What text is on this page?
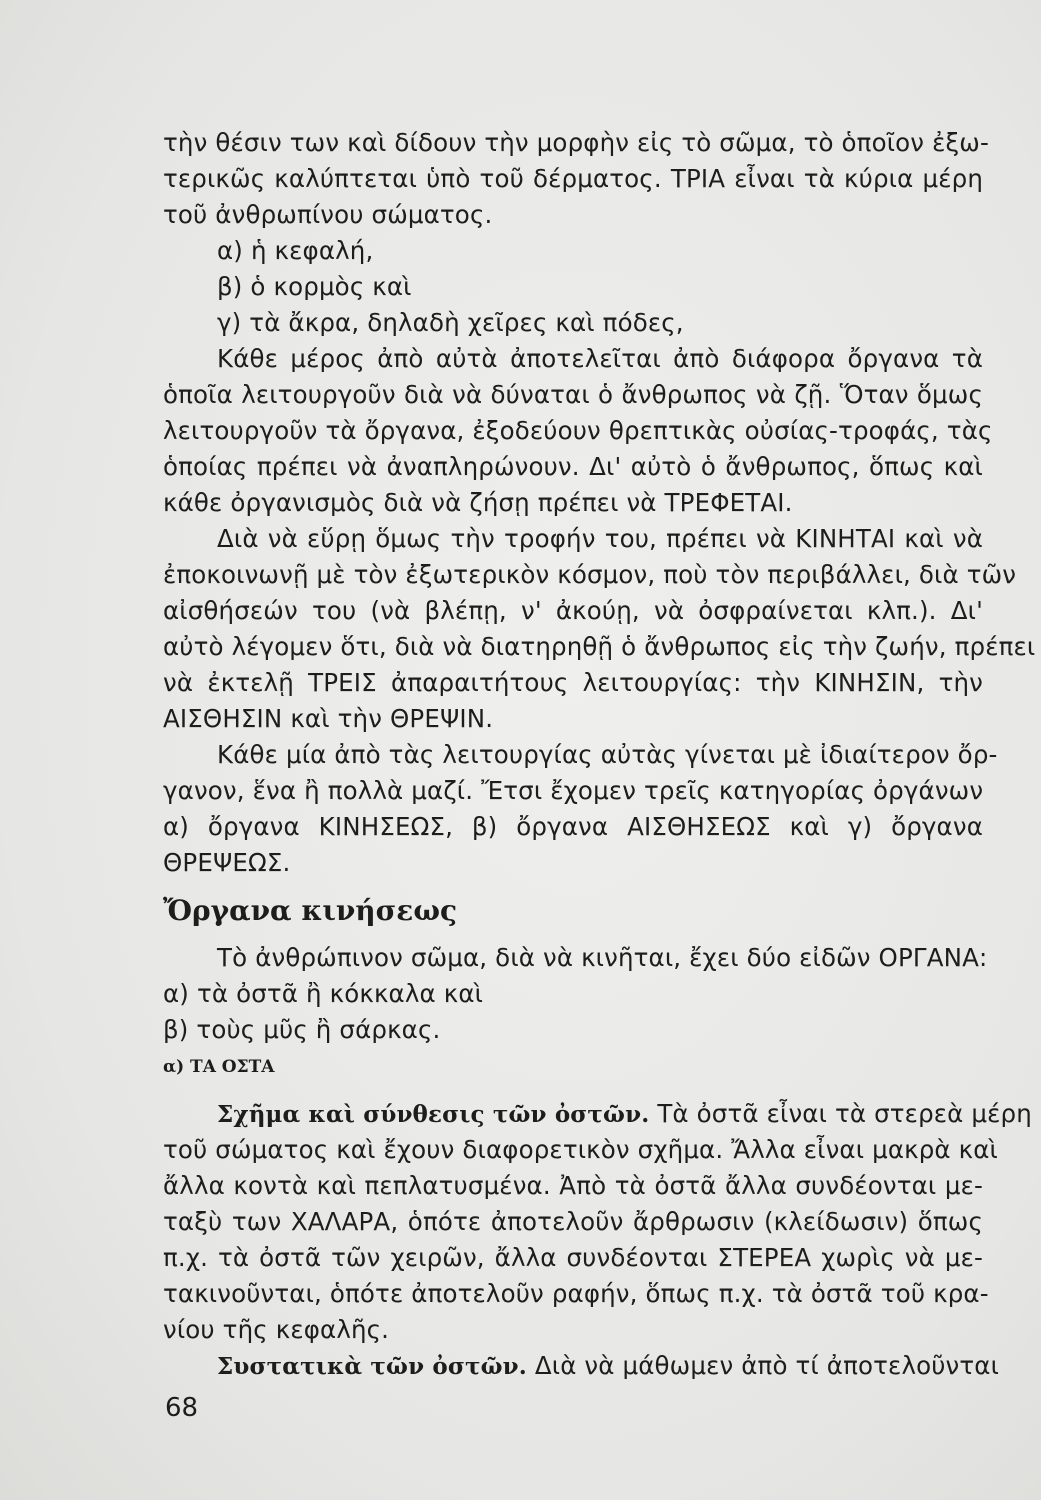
τὴν θέσιν των καὶ δίδουν τὴν μορφὴν εἰς τὸ σῶμα, τὸ ὁποῖον ἐξω-
τερικῶς καλύπτεται ὑπὸ τοῦ δέρματος. ΤΡΙΑ εἶναι τὰ κύρια μέρη
τοῦ ἀνθρωπίνου σώματος.
α) ἡ κεφαλή,
β) ὁ κορμὸς καὶ
γ) τὰ ἄκρα, δηλαδὴ χεῖρες καὶ πόδες,
Κάθε μέρος ἀπὸ αὐτὰ ἀποτελεῖται ἀπὸ διάφορα ὄργανα τὰ
ὁποῖα λειτουργοῦν διὰ νὰ δύναται ὁ ἄνθρωπος νὰ ζῇ. Ὅταν ὅμως
λειτουργοῦν τὰ ὄργανα, ἐξοδεύουν θρεπτικὰς οὐσίας-τροφάς, τὰς
ὁποίας πρέπει νὰ ἀναπληρώνουν. Δι' αὐτὸ ὁ ἄνθρωπος, ὅπως καὶ
κάθε ὀργανισμὸς διὰ νὰ ζήσῃ πρέπει νὰ ΤΡΕΦΕΤΑΙ.
Διὰ νὰ εὕρῃ ὅμως τὴν τροφήν του, πρέπει νὰ ΚΙΝΗΤΑΙ καὶ νὰ
ἐποκοινωνῇ μὲ τὸν ἐξωτερικὸν κόσμον, ποὺ τὸν περιβάλλει, διὰ τῶν
αἰσθήσεών του (νὰ βλέπῃ, ν' ἀκούῃ, νὰ ὀσφραίνεται κλπ.). Δι'
αὐτὸ λέγομεν ὅτι, διὰ νὰ διατηρηθῇ ὁ ἄνθρωπος εἰς τὴν ζωήν, πρέπει
νὰ ἐκτελῇ ΤΡΕΙΣ ἀπαραιτήτους λειτουργίας: τὴν ΚΙΝΗΣΙΝ, τὴν
ΑΙΣΘΗΣΙΝ καὶ τὴν ΘΡΕΨΙΝ.
Κάθε μία ἀπὸ τὰς λειτουργίας αὐτὰς γίνεται μὲ ἰδιαίτερον ὄρ-
γανον, ἕνα ἢ πολλὰ μαζί. Ἔτσι ἔχομεν τρεῖς κατηγορίας ὀργάνων
α) ὄργανα ΚΙΝΗΣΕΩΣ, β) ὄργανα ΑΙΣΘΗΣΕΩΣ καὶ γ) ὄργανα
ΘΡΕΨΕΩΣ.
Ὄργανα κινήσεως
Τὸ ἀνθρώπινον σῶμα, διὰ νὰ κινῆται, ἔχει δύο εἰδῶν ΟΡΓΑΝΑ:
α) τὰ ὀστᾶ ἢ κόκκαλα καὶ
β) τοὺς μῦς ἢ σάρκας.
α) ΤΑ ΟΣΤΑ
Σχῆμα καὶ σύνθεσις τῶν ὀστῶν. Τὰ ὀστᾶ εἶναι τὰ στερεὰ μέρη
τοῦ σώματος καὶ ἔχουν διαφορετικὸν σχῆμα. Ἄλλα εἶναι μακρὰ καὶ
ἄλλα κοντὰ καὶ πεπλατυσμένα. Ἀπὸ τὰ ὀστᾶ ἄλλα συνδέονται με-
ταξὺ των ΧΑΛΑΡΑ, ὁπότε ἀποτελοῦν ἄρθρωσιν (κλείδωσιν) ὅπως
π.χ. τὰ ὀστᾶ τῶν χειρῶν, ἄλλα συνδέονται ΣΤΕΡΕΑ χωρὶς νὰ με-
τακινοῦνται, ὁπότε ἀποτελοῦν ραφήν, ὅπως π.χ. τὰ ὀστᾶ τοῦ κρα-
νίου τῆς κεφαλῆς.
Συστατικὰ τῶν ὀστῶν. Διὰ νὰ μάθωμεν ἀπὸ τί ἀποτελοῦνται
68
